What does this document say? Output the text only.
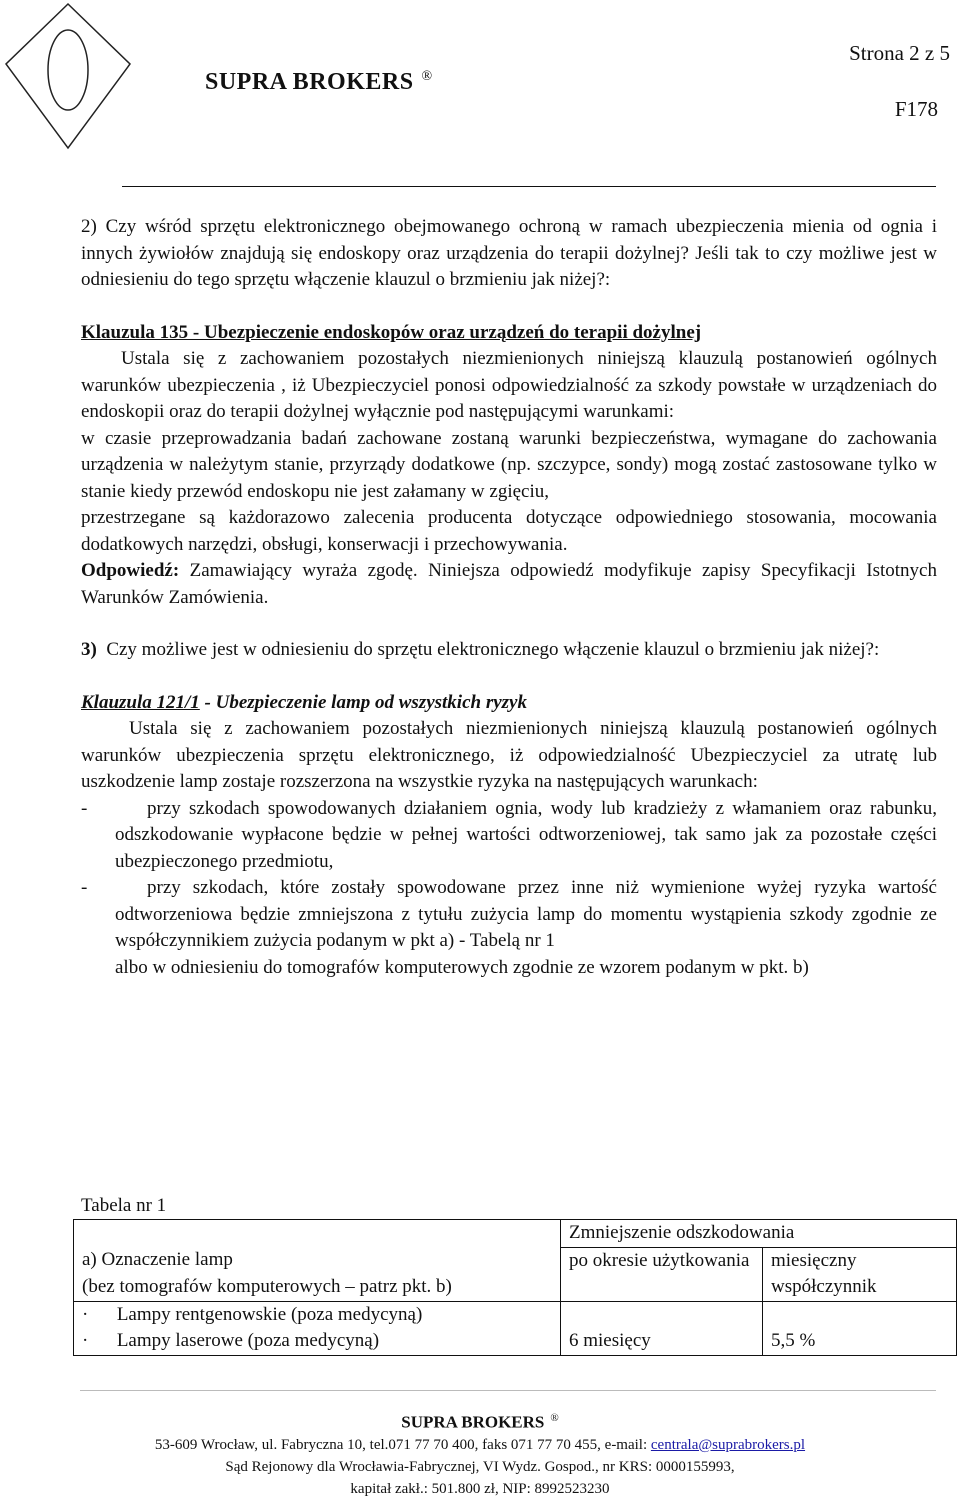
Strona 2 z 5
SUPRA BROKERS ®
F178

2) Czy wśród sprzętu elektronicznego obejmowanego ochroną w ramach ubezpieczenia mienia od ognia i innych żywiołów znajdują się endoskopy oraz urządzenia do terapii dożylnej? Jeśli tak to czy możliwe jest w odniesieniu do tego sprzętu włączenie klauzul o brzmieniu jak niżej?:

Klauzula 135 - Ubezpieczenie endoskopów oraz urządzeń do terapii dożylnej

Ustala się z zachowaniem pozostałych niezmienionych niniejszą klauzulą postanowień ogólnych warunków ubezpieczenia , iż Ubezpieczyciel ponosi odpowiedzialność za szkody powstałe w urządzeniach do endoskopii oraz do terapii dożylnej wyłącznie pod następującymi warunkami:

w czasie przeprowadzania badań zachowane zostaną warunki bezpieczeństwa, wymagane do zachowania urządzenia w należytym stanie, przyrządy dodatkowe (np. szczypce, sondy) mogą zostać zastosowane tylko w stanie kiedy przewód endoskopu nie jest załamany w zgięciu,

przestrzegane są każdorazowo zalecenia producenta dotyczące odpowiedniego stosowania, mocowania dodatkowych narzędzi, obsługi, konserwacji i przechowywania.

Odpowiedź: Zamawiający wyraża zgodę. Niniejsza odpowiedź modyfikuje zapisy Specyfikacji Istotnych Warunków Zamówienia.

3) Czy możliwe jest w odniesieniu do sprzętu elektronicznego włączenie klauzul o brzmieniu jak niżej?:

Klauzula 121/1 - Ubezpieczenie lamp od wszystkich ryzyk

Ustala się z zachowaniem pozostałych niezmienionych niniejszą klauzulą postanowień ogólnych warunków ubezpieczenia sprzętu elektronicznego, iż odpowiedzialność Ubezpieczyciel za utratę lub uszkodzenie lamp zostaje rozszerzona na wszystkie ryzyka na następujących warunkach:

-	przy szkodach spowodowanych działaniem ognia, wody lub kradzieży z włamaniem oraz rabunku, odszkodowanie wypłacone będzie w pełnej wartości odtworzeniowej, tak samo jak za pozostałe części ubezpieczonego przedmiotu,
-	przy szkodach, które zostały spowodowane przez inne niż wymienione wyżej ryzyka wartość odtworzeniowa będzie zmniejszona z tytułu zużycia lamp do momentu wystąpienia szkody zgodnie ze współczynnikiem zużycia podanym w pkt a) - Tabelą nr 1

albo w odniesieniu do tomografów komputerowych zgodnie ze wzorem podanym w pkt. b)

Tabela nr 1
	Zmniejszenie odszkodowania	

a) Oznaczenie lamp
(bez tomografów komputerowych – patrz pkt. b)	po okresie użytkowania	miesięczny współczynnik

· Lampy rentgenowskie (poza medycyną)
· Lampy laserowe (poza medycyną)	6 miesięcy	5,5 %
SUPRA BROKERS ®
53-609 Wrocław, ul. Fabryczna 10, tel.071 77 70 400, faks 071 77 70 455, e-mail: centrala@suprabrokers.pl
Sąd Rejonowy dla Wrocławia-Fabrycznej, VI Wydz. Gospod., nr KRS: 0000155993,
kapitał zakł.: 501.800 zł, NIP: 8992523230
